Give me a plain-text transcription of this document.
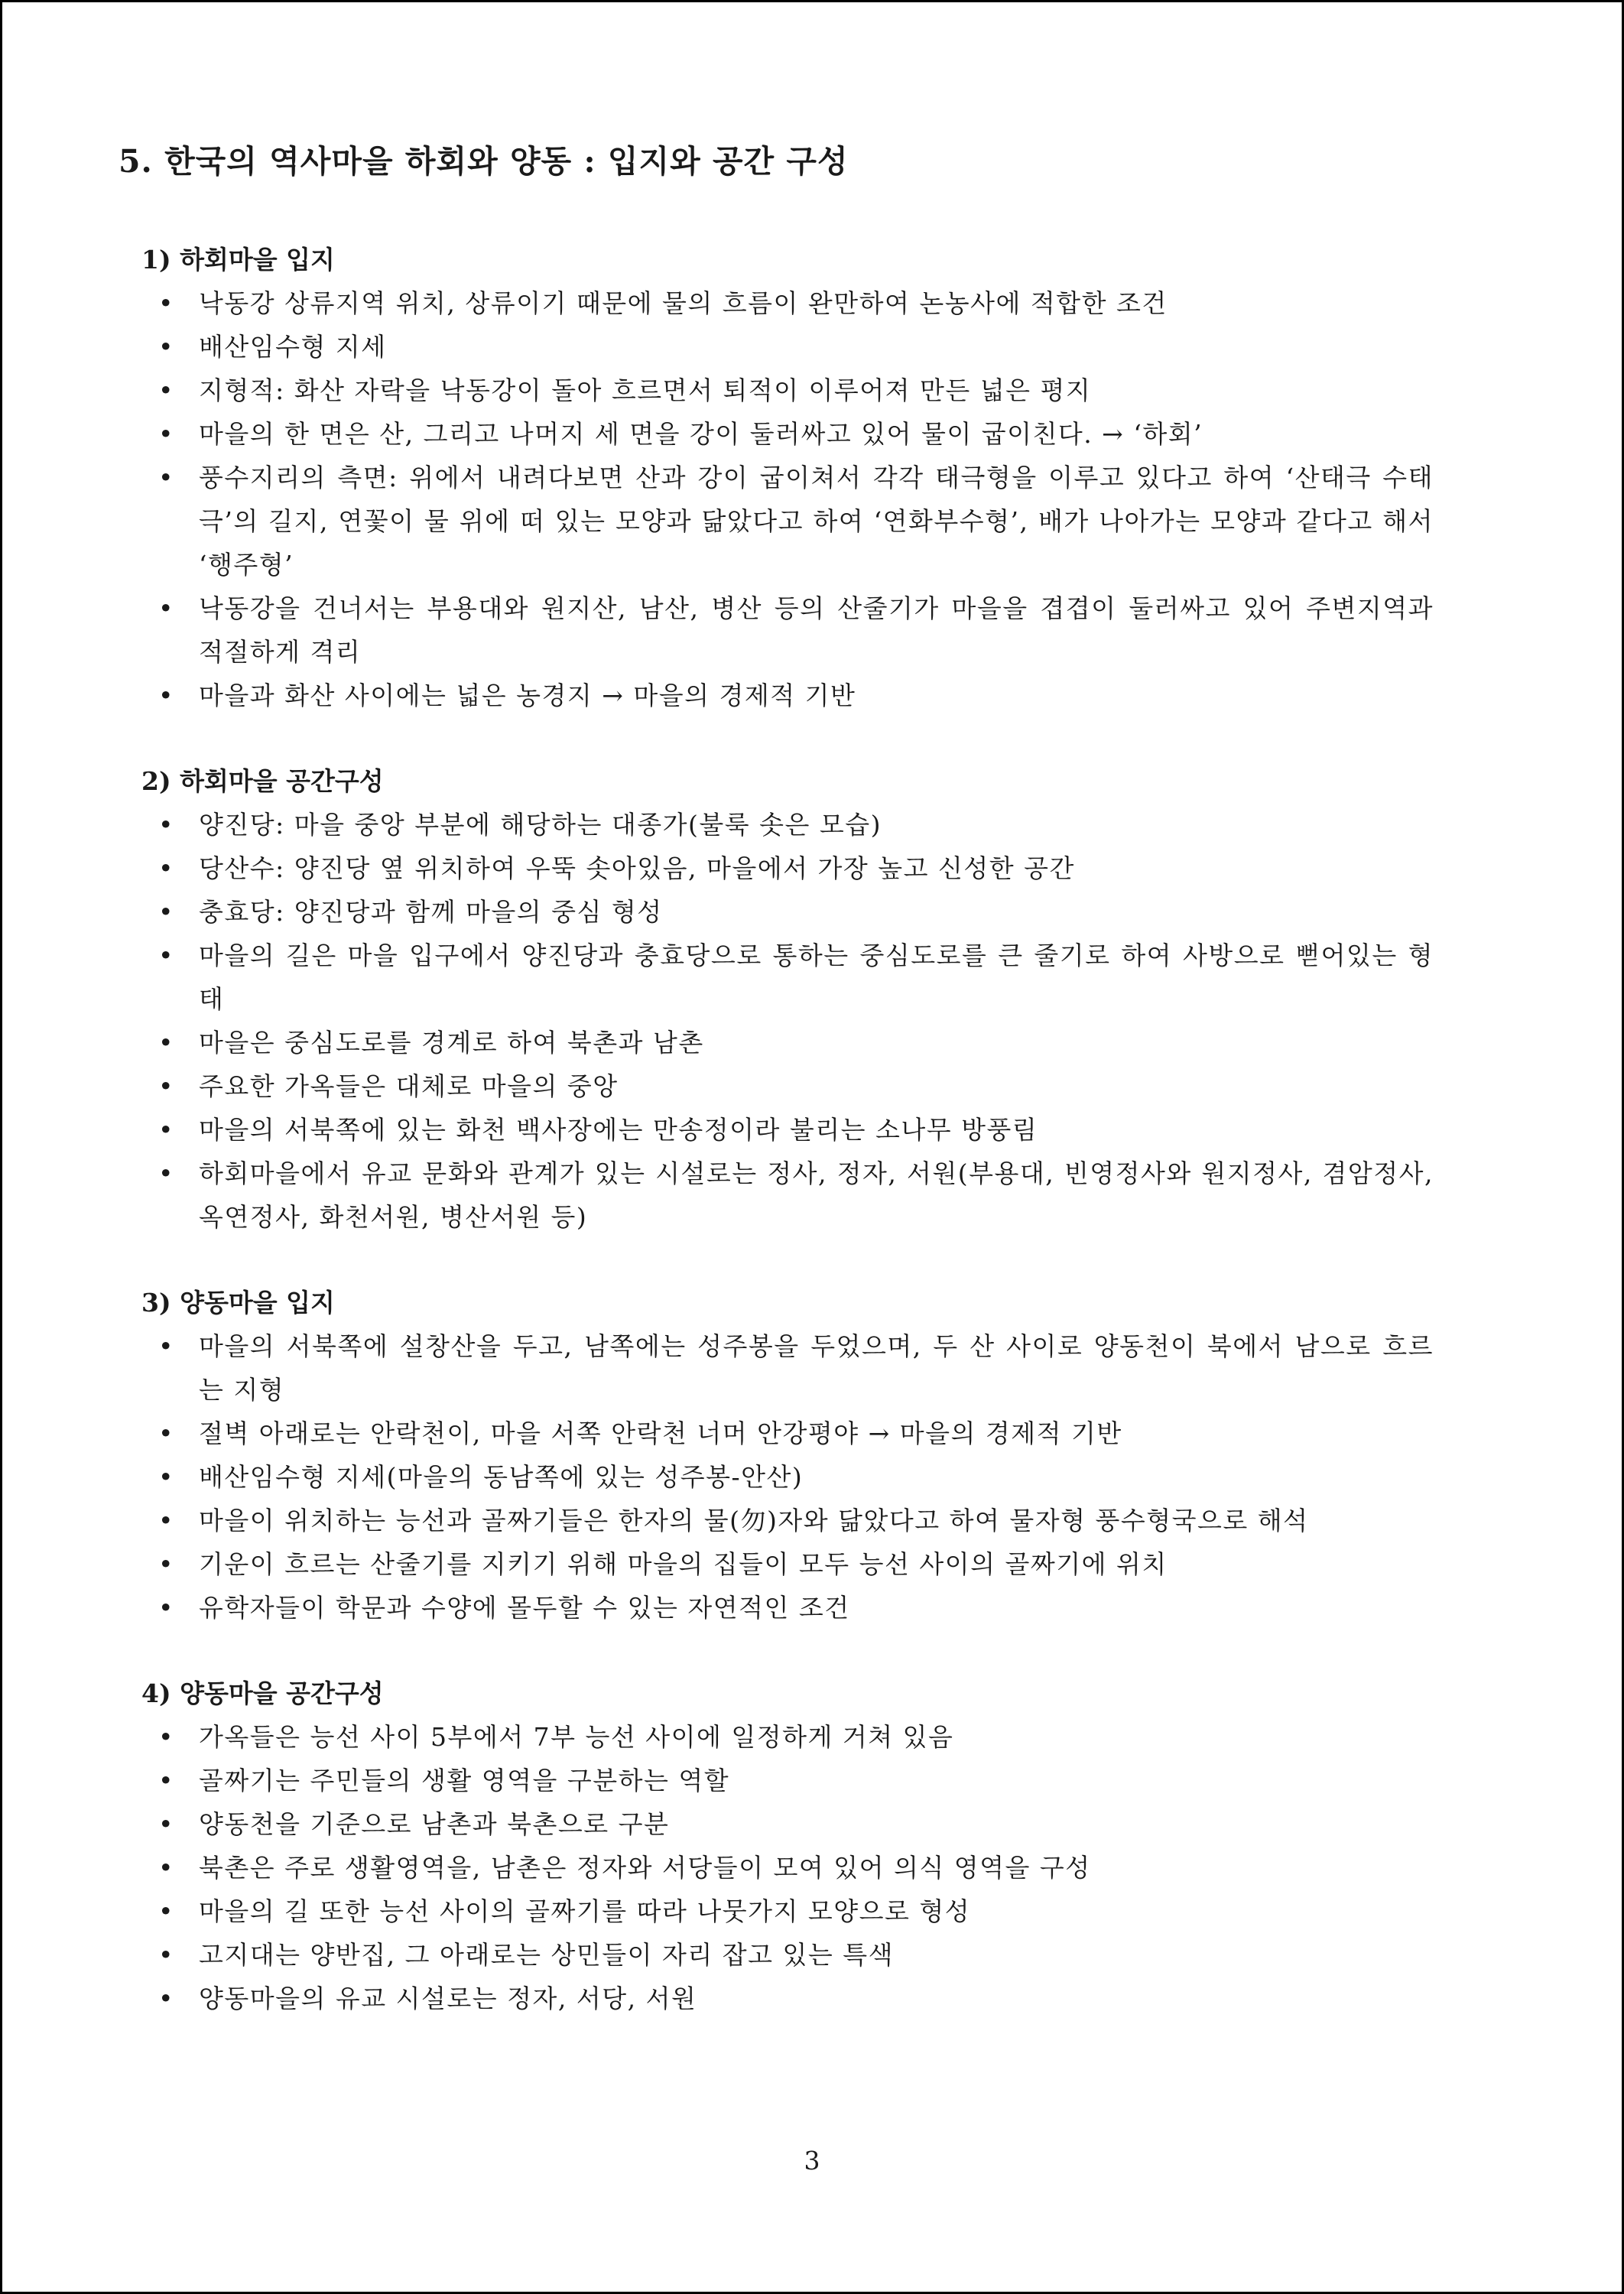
5. 한국의 역사마을 하회와 양동 : 입지와 공간 구성
1) 하회마을 입지
• 낙동강 상류지역 위치, 상류이기 때문에 물의 흐름이 완만하여 논농사에 적합한 조건
• 배산임수형 지세
• 지형적: 화산 자락을 낙동강이 돌아 흐르면서 퇴적이 이루어져 만든 넓은 평지
• 마을의 한 면은 산, 그리고 나머지 세 면을 강이 둘러싸고 있어 물이 굽이친다. → ‘하회’
• 풍수지리의 측면: 위에서 내려다보면 산과 강이 굽이쳐서 각각 태극형을 이루고 있다고 하여 ‘산태극 수태극’의 길지, 연꽃이 물 위에 떠 있는 모양과 닮았다고 하여 ‘연화부수형’, 배가 나아가는 모양과 같다고 해서 ‘행주형’
• 낙동강을 건너서는 부용대와 원지산, 남산, 병산 등의 산줄기가 마을을 겹겹이 둘러싸고 있어 주변지역과 적절하게 격리
• 마을과 화산 사이에는 넓은 농경지 → 마을의 경제적 기반
2) 하회마을 공간구성
• 양진당: 마을 중앙 부분에 해당하는 대종가(불룩 솟은 모습)
• 당산수: 양진당 옆 위치하여 우뚝 솟아있음, 마을에서 가장 높고 신성한 공간
• 충효당: 양진당과 함께 마을의 중심 형성
• 마을의 길은 마을 입구에서 양진당과 충효당으로 통하는 중심도로를 큰 줄기로 하여 사방으로 뻗어있는 형태
• 마을은 중심도로를 경계로 하여 북촌과 남촌
• 주요한 가옥들은 대체로 마을의 중앙
• 마을의 서북쪽에 있는 화천 백사장에는 만송정이라 불리는 소나무 방풍림
• 하회마을에서 유교 문화와 관계가 있는 시설로는 정사, 정자, 서원(부용대, 빈영정사와 원지정사, 겸암정사, 옥연정사, 화천서원, 병산서원 등)
3) 양동마을 입지
• 마을의 서북쪽에 설창산을 두고, 남쪽에는 성주봉을 두었으며, 두 산 사이로 양동천이 북에서 남으로 흐르는 지형
• 절벽 아래로는 안락천이, 마을 서쪽 안락천 너머 안강평야 → 마을의 경제적 기반
• 배산임수형 지세(마을의 동남쪽에 있는 성주봉-안산)
• 마을이 위치하는 능선과 골짜기들은 한자의 물(勿)자와 닮았다고 하여 물자형 풍수형국으로 해석
• 기운이 흐르는 산줄기를 지키기 위해 마을의 집들이 모두 능선 사이의 골짜기에 위치
• 유학자들이 학문과 수양에 몰두할 수 있는 자연적인 조건
4) 양동마을 공간구성
• 가옥들은 능선 사이 5부에서 7부 능선 사이에 일정하게 거쳐 있음
• 골짜기는 주민들의 생활 영역을 구분하는 역할
• 양동천을 기준으로 남촌과 북촌으로 구분
• 북촌은 주로 생활영역을, 남촌은 정자와 서당들이 모여 있어 의식 영역을 구성
• 마을의 길 또한 능선 사이의 골짜기를 따라 나뭇가지 모양으로 형성
• 고지대는 양반집, 그 아래로는 상민들이 자리 잡고 있는 특색
• 양동마을의 유교 시설로는 정자, 서당, 서원
3
